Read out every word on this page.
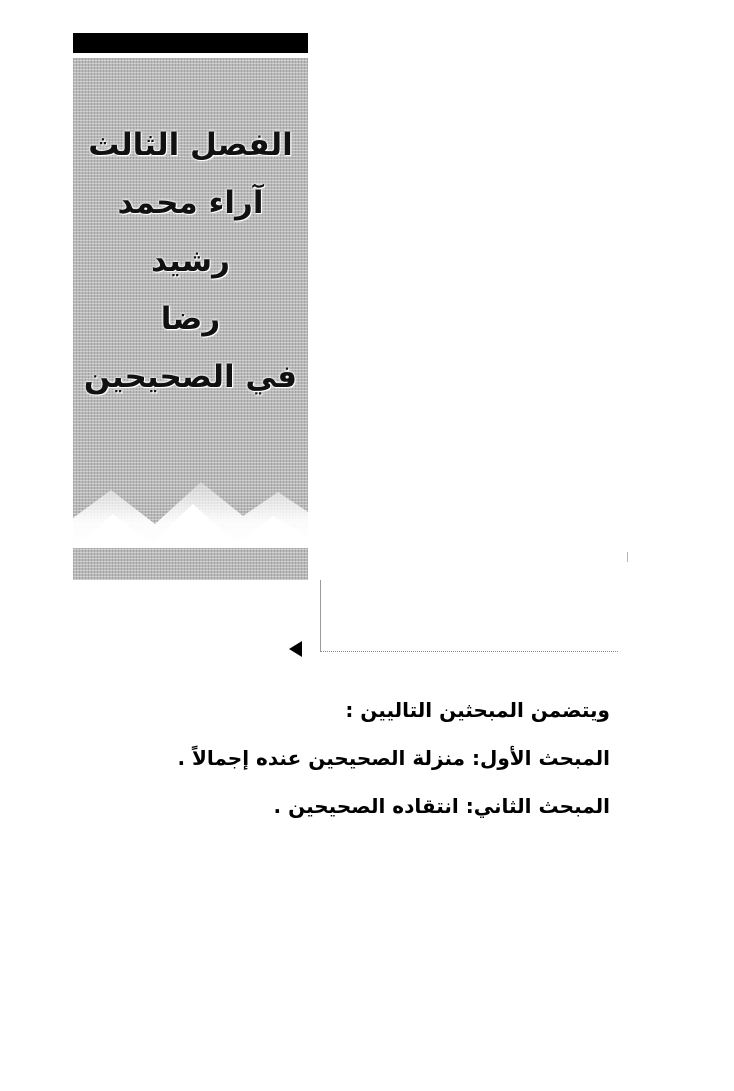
الفصل الثالث
آراء محمد رشيد
رضا
في الصحيحين

ويتضمن المبحثين التاليين :

المبحث الأول: منزلة الصحيحين عنده إجمالاً .

المبحث الثاني: انتقاده الصحيحين .
